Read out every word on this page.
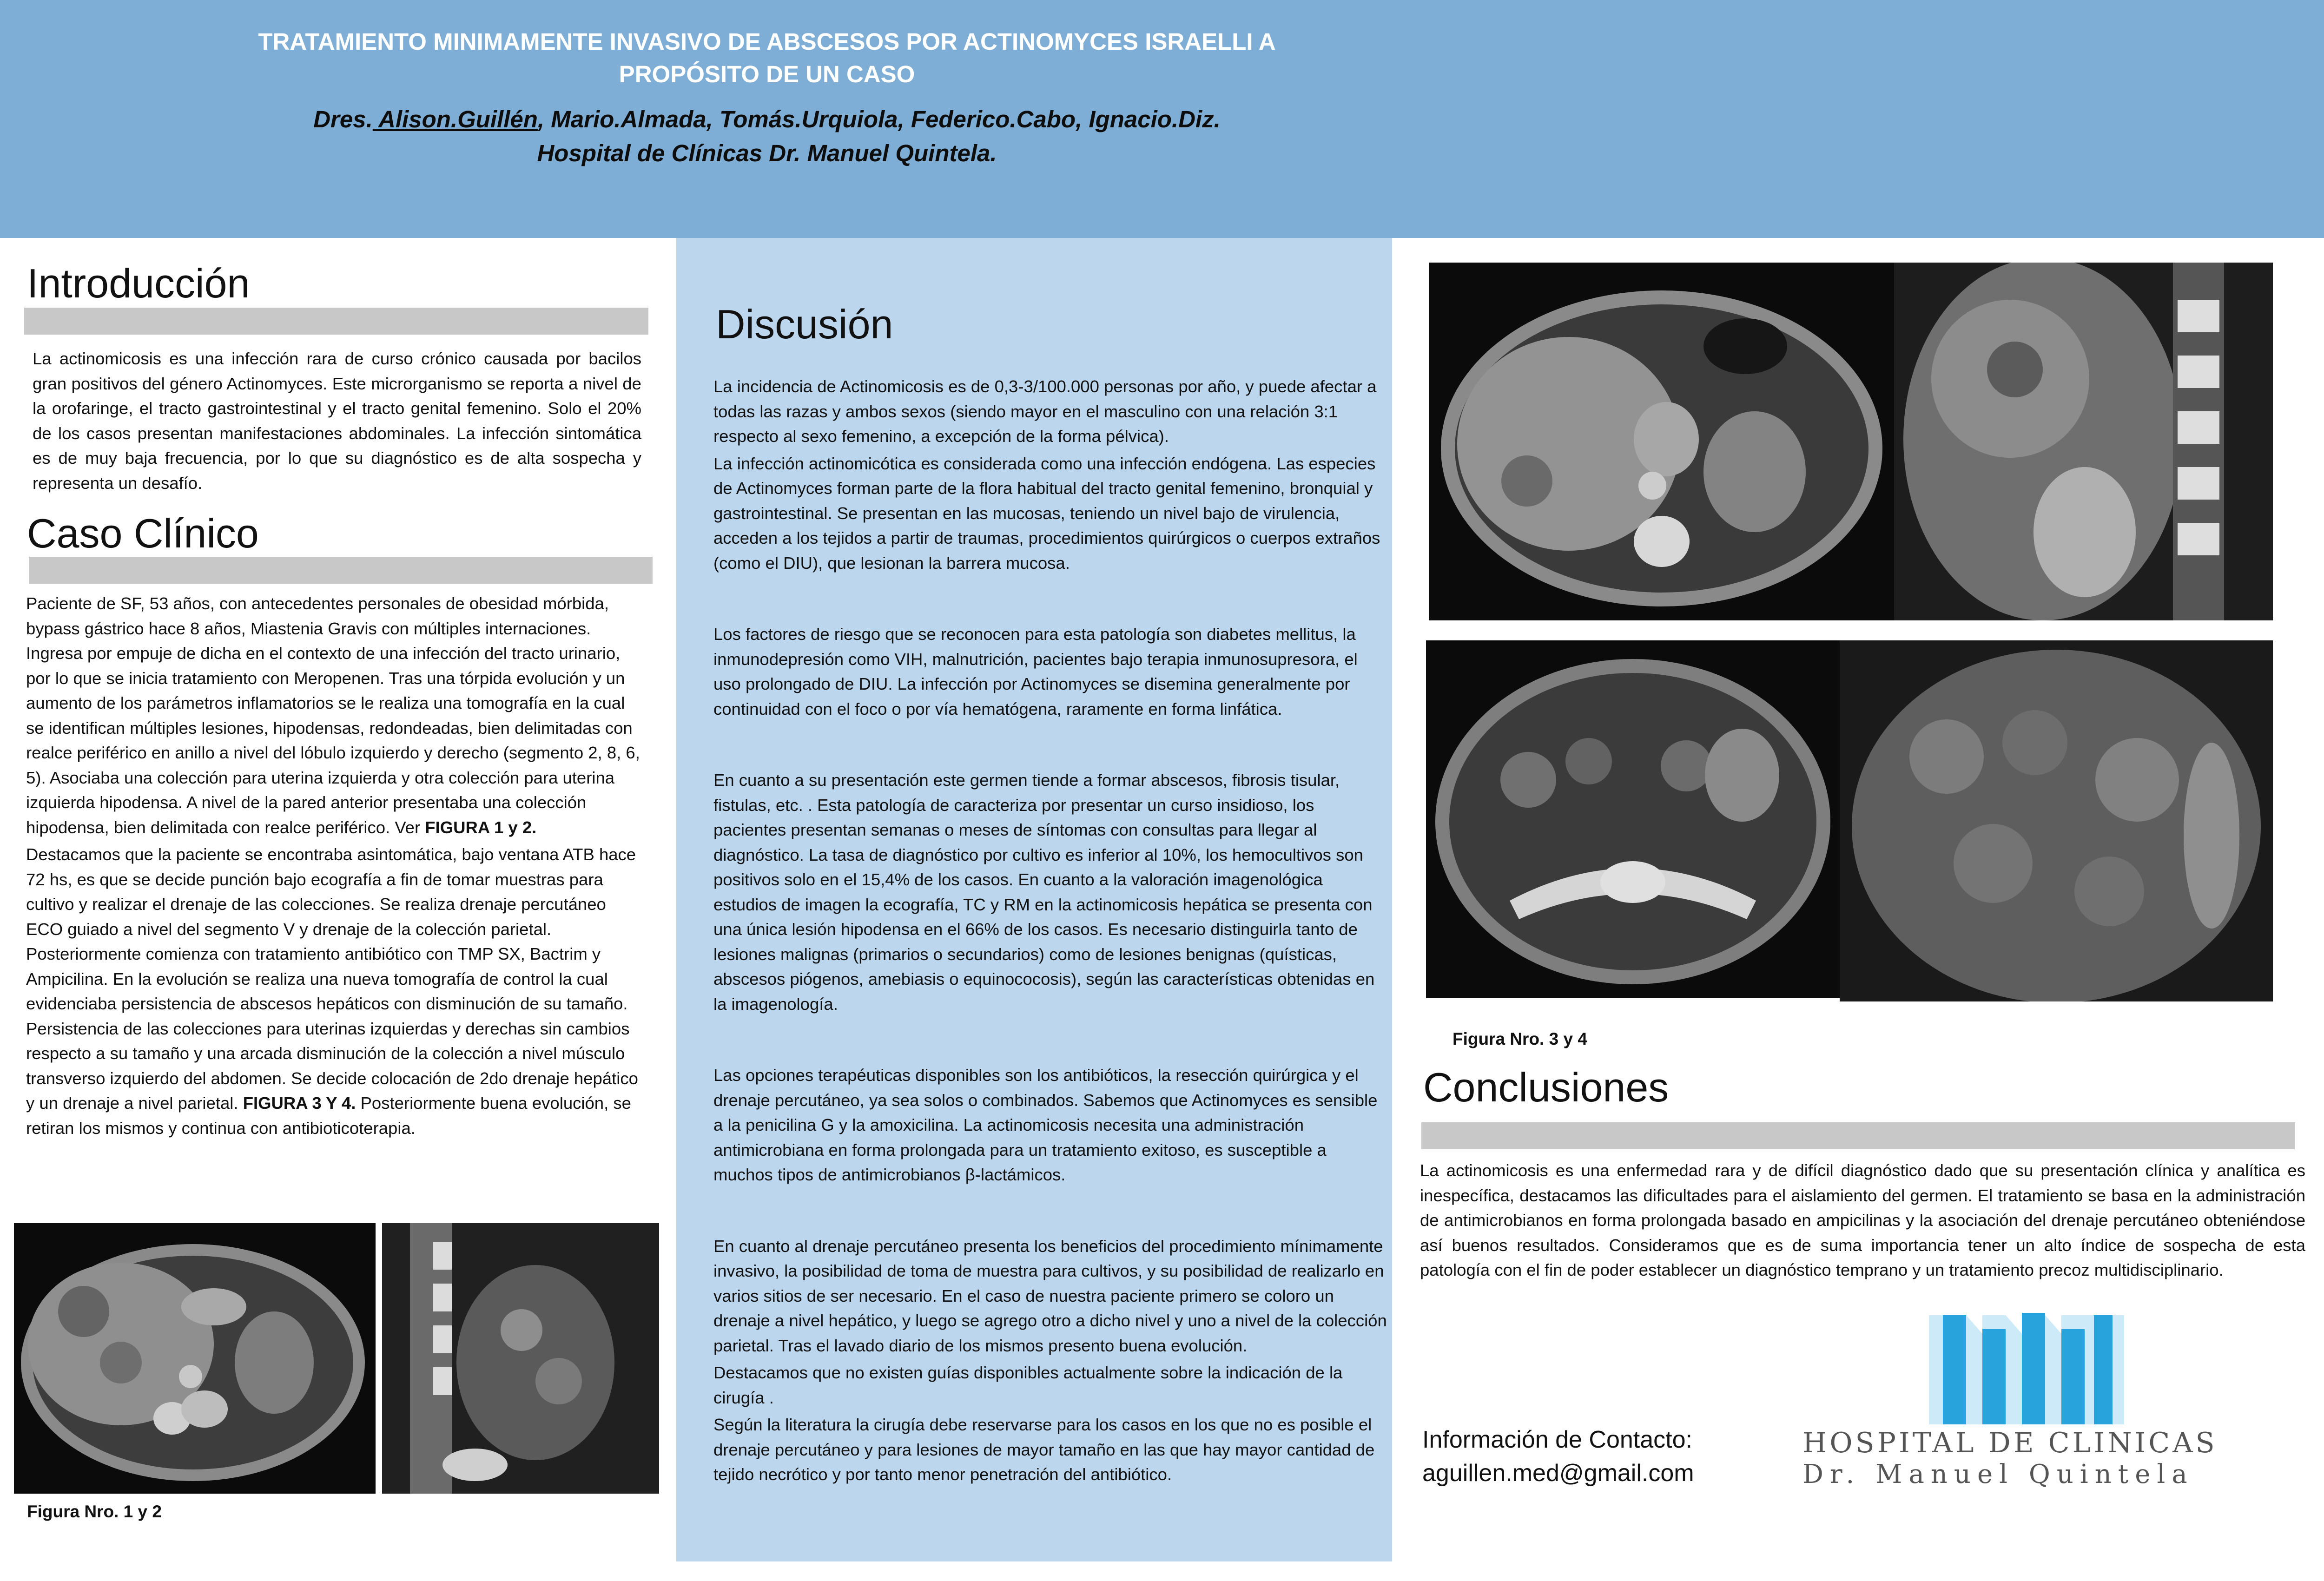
TRATAMIENTO MINIMAMENTE INVASIVO DE ABSCESOS POR ACTINOMYCES ISRAELLI A
PROPÓSITO DE UN CASO
Dres. Alison.Guillén, Mario.Almada, Tomás.Urquiola, Federico.Cabo, Ignacio.Diz.
Hospital de Clínicas Dr. Manuel Quintela.
Introducción
La actinomicosis es una infección rara de curso crónico causada por bacilos gran positivos del género Actinomyces. Este microrganismo se reporta a nivel de la orofaringe, el tracto gastrointestinal y el tracto genital femenino. Solo el 20% de los casos presentan manifestaciones abdominales. La infección sintomática es de muy baja frecuencia, por lo que su diagnóstico es de alta sospecha y representa un desafío.
Caso Clínico
Paciente de SF, 53 años, con antecedentes personales de obesidad mórbida, bypass gástrico hace 8 años, Miastenia Gravis con múltiples internaciones. Ingresa por empuje de dicha en el contexto de una infección del tracto urinario, por lo que se inicia tratamiento con Meropenen. Tras una tórpida evolución y un aumento de los parámetros inflamatorios se le realiza una tomografía en la cual se identifican múltiples lesiones, hipodensas, redondeadas, bien delimitadas con realce periférico en anillo a nivel del lóbulo izquierdo y derecho (segmento 2, 8, 6, 5). Asociaba una colección para uterina izquierda y otra colección para uterina izquierda hipodensa. A nivel de la pared anterior presentaba una colección hipodensa, bien delimitada con realce periférico. Ver FIGURA 1 y 2.
Destacamos que la paciente se encontraba asintomática, bajo ventana ATB hace 72 hs, es que se decide punción bajo ecografía a fin de tomar muestras para cultivo y realizar el drenaje de las colecciones. Se realiza drenaje percutáneo ECO guiado a nivel del segmento V y drenaje de la colección parietal. Posteriormente comienza con tratamiento antibiótico con TMP SX, Bactrim y Ampicilina. En la evolución se realiza una nueva tomografía de control la cual evidenciaba persistencia de abscesos hepáticos con disminución de su tamaño. Persistencia de las colecciones para uterinas izquierdas y derechas sin cambios respecto a su tamaño y una arcada disminución de la colección a nivel músculo transverso izquierdo del abdomen. Se decide colocación de 2do drenaje hepático y un drenaje a nivel parietal. FIGURA 3 Y 4. Posteriormente buena evolución, se retiran los mismos y continua con antibioticoterapia.
Figura Nro. 1 y 2
Discusión
La incidencia de Actinomicosis es de 0,3-3/100.000 personas por año, y puede afectar a todas las razas y ambos sexos (siendo mayor en el masculino con una relación 3:1 respecto al sexo femenino, a excepción de la forma pélvica).
La infección actinomicótica es considerada como una infección endógena. Las especies de Actinomyces forman parte de la flora habitual del tracto genital femenino, bronquial y gastrointestinal. Se presentan en las mucosas, teniendo un nivel bajo de virulencia, acceden a los tejidos a partir de traumas, procedimientos quirúrgicos o cuerpos extraños (como el DIU), que lesionan la barrera mucosa.
Los factores de riesgo que se reconocen para esta patología son diabetes mellitus, la inmunodepresión como VIH, malnutrición, pacientes bajo terapia inmunosupresora, el uso prolongado de DIU. La infección por Actinomyces se disemina generalmente por continuidad con el foco o por vía hematógena, raramente en forma linfática.
En cuanto a su presentación este germen tiende a formar abscesos, fibrosis tisular, fistulas, etc. . Esta patología de caracteriza por presentar un curso insidioso, los pacientes presentan semanas o meses de síntomas con consultas para llegar al diagnóstico. La tasa de diagnóstico por cultivo es inferior al 10%, los hemocultivos son positivos solo en el 15,4% de los casos. En cuanto a la valoración imagenológica estudios de imagen la ecografía, TC y RM en la actinomicosis hepática se presenta con una única lesión hipodensa en el 66% de los casos. Es necesario distinguirla tanto de lesiones malignas (primarios o secundarios) como de lesiones benignas (quísticas, abscesos piógenos, amebiasis o equinococosis), según las características obtenidas en la imagenología.
Las opciones terapéuticas disponibles son los antibióticos, la resección quirúrgica y el drenaje percutáneo, ya sea solos o combinados. Sabemos que Actinomyces es sensible a la penicilina G y la amoxicilina. La actinomicosis necesita una administración antimicrobiana en forma prolongada para un tratamiento exitoso, es susceptible a muchos tipos de antimicrobianos β-lactámicos.
En cuanto al drenaje percutáneo presenta los beneficios del procedimiento mínimamente invasivo, la posibilidad de toma de muestra para cultivos, y su posibilidad de realizarlo en varios sitios de ser necesario. En el caso de nuestra paciente primero se coloro un drenaje a nivel hepático, y luego se agrego otro a dicho nivel y uno a nivel de la colección parietal. Tras el lavado diario de los mismos presento buena evolución.
Destacamos que no existen guías disponibles actualmente sobre la indicación de la cirugía .
Según la literatura la cirugía debe reservarse para los casos en los que no es posible el drenaje percutáneo y para lesiones de mayor tamaño en las que hay mayor cantidad de tejido necrótico y por tanto menor penetración del antibiótico.
Figura Nro. 3 y 4
Conclusiones
La actinomicosis es una enfermedad rara y de difícil diagnóstico dado que su presentación clínica y analítica es inespecífica, destacamos las dificultades para el aislamiento del germen. El tratamiento se basa en la administración de antimicrobianos en forma prolongada basado en ampicilinas y la asociación del drenaje percutáneo obteniéndose así buenos resultados. Consideramos que es de suma importancia tener un alto índice de sospecha de esta patología con el fin de poder establecer un diagnóstico temprano y un tratamiento precoz multidisciplinario.
Información de Contacto:
aguillen.med@gmail.com
HOSPITAL DE CLINICAS
Dr. Manuel Quintela
